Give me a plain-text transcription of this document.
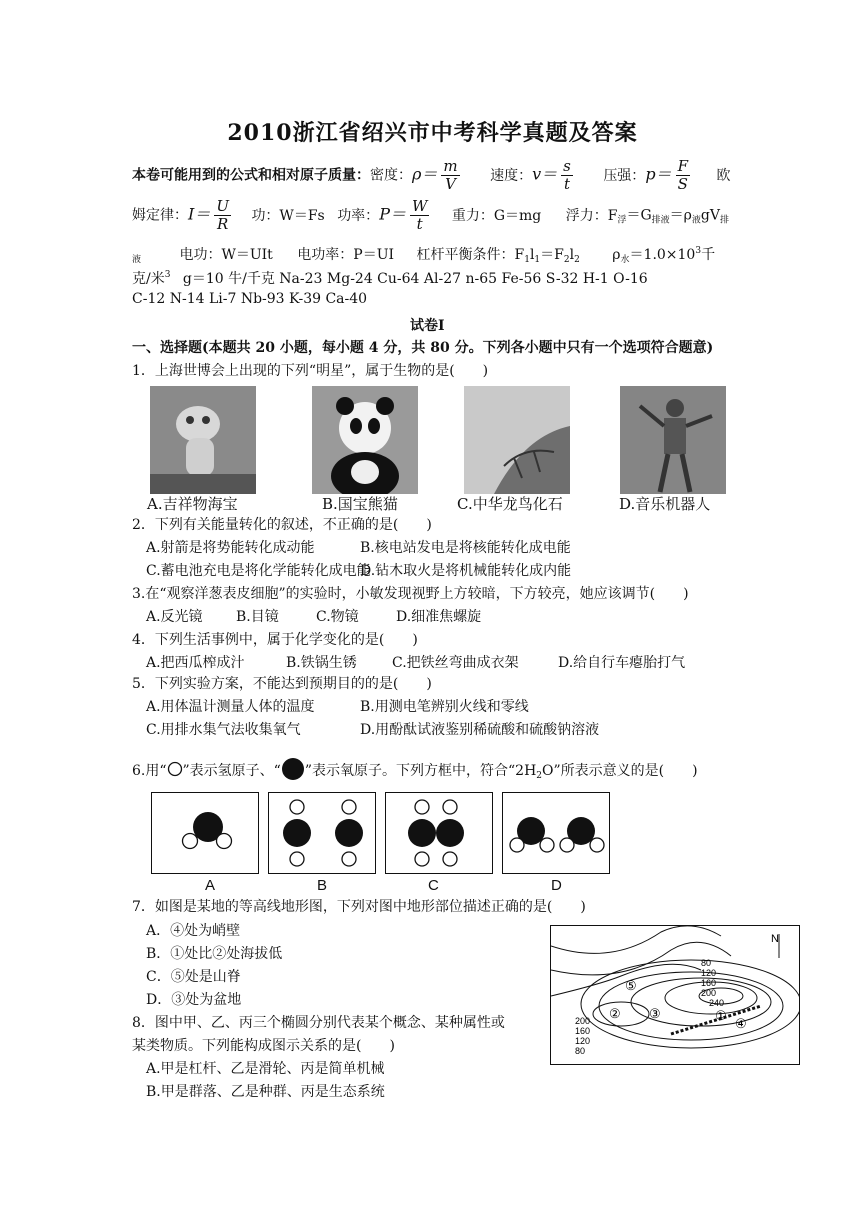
2010浙江省绍兴市中考科学真题及答案
本卷可能用到的公式和相对原子质量：密度：$\rho= \frac{m}{V}$ 速度：$v= \frac{s}{t}$ 压强：$p= \frac{F}{S}$ 欧
姆定律：$I= \frac{U}{R}$ 功：W＝Fs 功率：$P= \frac{W}{t}$ 重力：G＝mg 浮力：$F_浮=G_{排液}=\rho_液gV_排$
$_液$	电功：W＝UIt 电功率：P＝UI 杠杆平衡条件：$F_1l_1=F_2l_2$ $\rho_水=1.0\times 10^3$千
克/米$^3$ g＝10 牛/千克 Na-23 Mg-24 Cu-64 Al-27 n-65 Fe-56 S-32 H-1 O-16
C-12 N-14 Li-7 Nb-93 K-39 Ca-40
试卷Ⅰ
一、选择题(本题共 20 小题，每小题 4 分，共 80 分。下列各小题中只有一个选项符合题意)
1．上海世博会上出现的下列“明星”，属于生物的是(　　)
A.吉祥物海宝	B.国宝熊猫	C.中华龙鸟化石	D.音乐机器人
2．下列有关能量转化的叙述，不正确的是(　　)
A.射箭是将势能转化成动能	B.核电站发电是将核能转化成电能
C.蓄电池充电是将化学能转化成电能
D.钻木取火是将机械能转化成内能
3.在“观察洋葱表皮细胞”的实验时，小敏发现视野上方较暗，下方较亮，她应该调节(　　)
A.反光镜 B.目镜	C.物镜	D.细准焦螺旋
4．下列生活事例中，属于化学变化的是(　　)
A.把西瓜榨成汁	B.铁锅生锈	C.把铁丝弯曲成衣架	D.给自行车瘪胎打气
5．下列实验方案，不能达到预期目的的是(　　)
A.用体温计测量人体的温度	B.用测电笔辨别火线和零线
C.用排水集气法收集氧气	D.用酚酞试液鉴别稀硫酸和硫酸钠溶液
6.用“ ”表示氢原子、“ ”表示氧原子。下列方框中，符合“$2H_2O$”所表示意义的是(　　)
A	B	C	D
7．如图是某地的等高线地形图，下列对图中地形部位描述正确的是(　　)
A．④处为峭壁
B．①处比②处海拔低
C．⑤处是山脊
D．③处为盆地
N
80
120
160
200
240
200
160
120
80
①
② ③
④
⑤
8．图中甲、乙、丙三个椭圆分别代表某个概念、某种属性或
某类物质。下列能构成图示关系的是(　　)
A.甲是杠杆、乙是滑轮、丙是简单机械
B.甲是群落、乙是种群、丙是生态系统
